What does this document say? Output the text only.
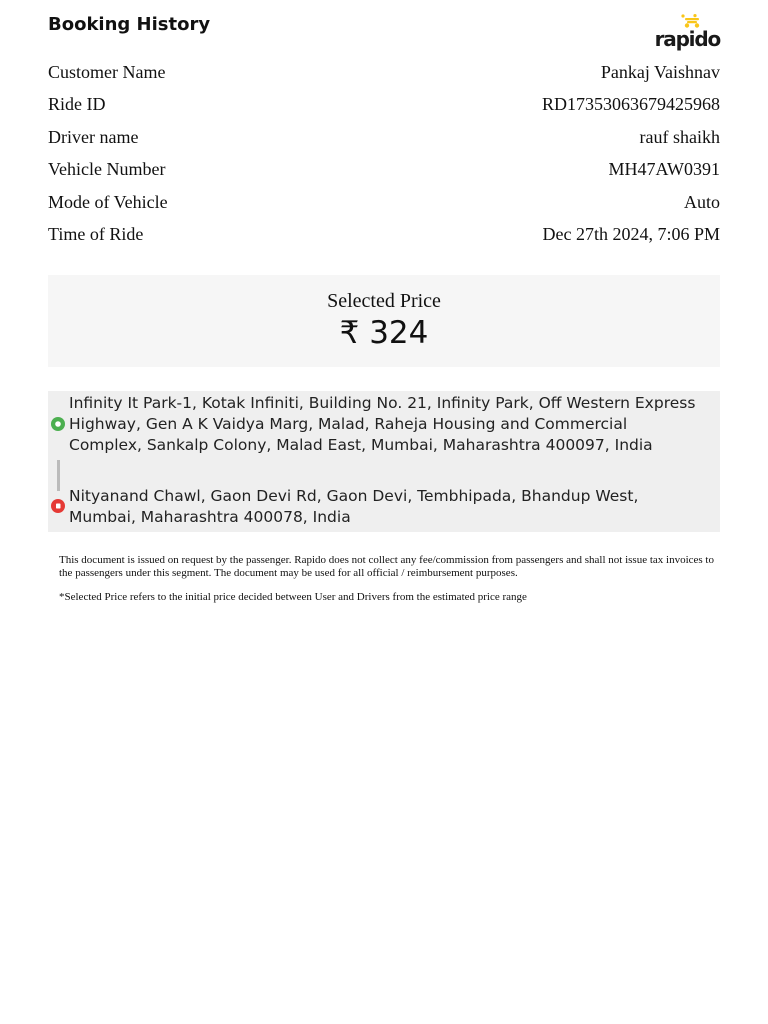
Booking History
rapido
Customer Name	Pankaj Vaishnav
Ride ID	RD17353063679425968
Driver name	rauf shaikh
Vehicle Number	MH47AW0391
Mode of Vehicle	Auto
Time of Ride	Dec 27th 2024, 7:06 PM
Selected Price
₹ 324
Infinity It Park-1, Kotak Infiniti, Building No. 21, Infinity Park, Off Western Express Highway, Gen A K Vaidya Marg, Malad, Raheja Housing and Commercial Complex, Sankalp Colony, Malad East, Mumbai, Maharashtra 400097, India
Nityanand Chawl, Gaon Devi Rd, Gaon Devi, Tembhipada, Bhandup West, Mumbai, Maharashtra 400078, India

This document is issued on request by the passenger. Rapido does not collect any fee/commission from passengers and shall not issue tax invoices to the passengers under this segment. The document may be used for all official / reimbursement purposes.

*Selected Price refers to the initial price decided between User and Drivers from the estimated price range
